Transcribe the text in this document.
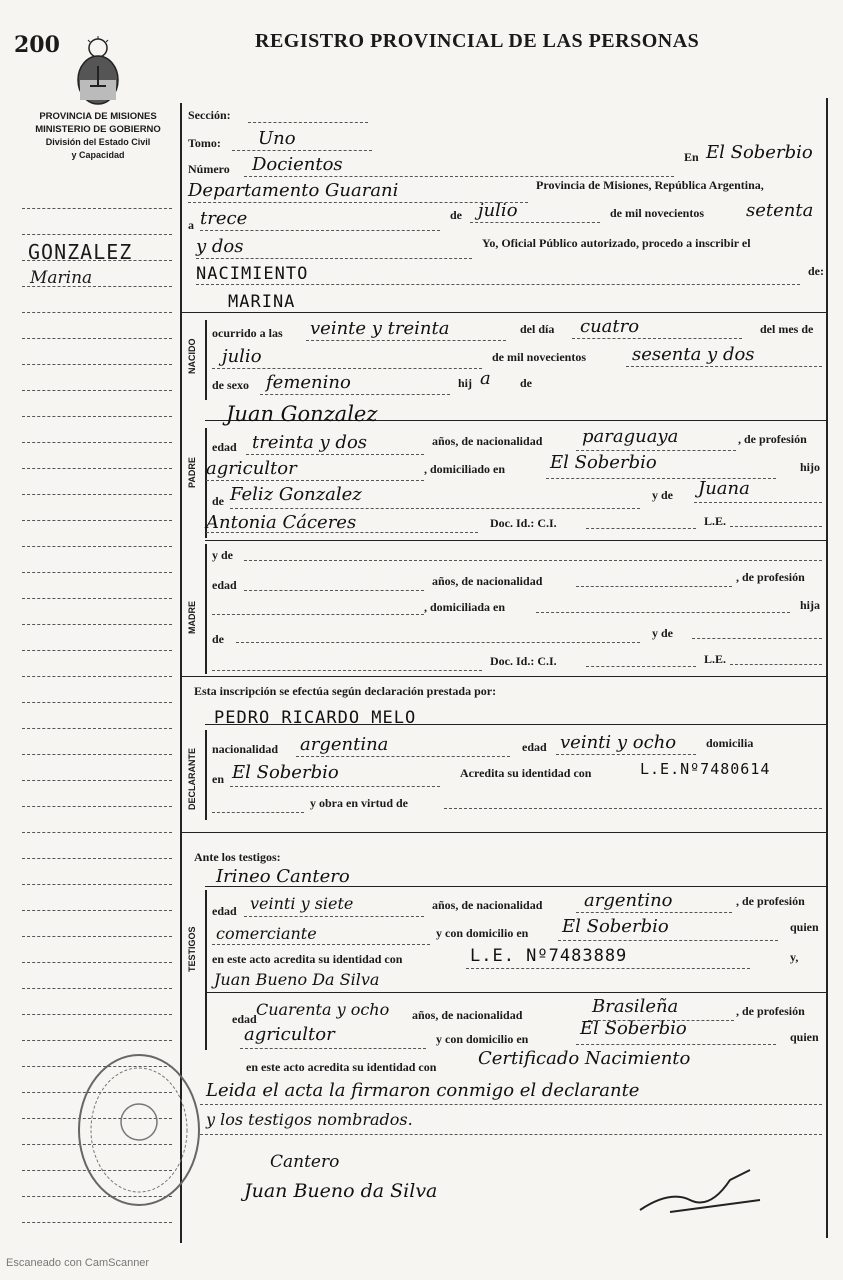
200	REGISTRO PROVINCIAL DE LAS PERSONAS
PROVINCIA DE MISIONES
MINISTERIO DE GOBIERNO
División del Estado Civil
y Capacidad
GONZALEZ
Marina
NACIDO
PADRE
MADRE
DECLARANTE
TESTIGOS
Sección:
Tomo: Uno
Número Docientos	En El Soberbio
Departamento Guarani	Provincia de Misiones, República Argentina,
a trece	de julio	de mil novecientos setenta
y dos	Yo, Oficial Público autorizado, procedo a inscribir el
NACIMIENTO	de:
MARINA
ocurrido a las veinte y treinta	del día cuatro	del mes de
julio	de mil novecientos	sesenta y dos
de sexo femenino	hij a de
Juan Gonzalez
edad treinta y dos	años, de nacionalidad paraguaya	, de profesión
agricultor	, domiciliado en El Soberbio	hijo
de Feliz Gonzalez	y de Juana
Antonia Cáceres	Doc. Id.: C.I.	L.E.
y de
edad	años, de nacionalidad	, de profesión
, domiciliada en	hija
de	y de
Doc. Id.: C.I.	L.E.
Esta inscripción se efectúa según declaración prestada por:
PEDRO RICARDO MELO
nacionalidad argentina	edad veinti y ocho domicilia
en El Soberbio	Acredita su identidad con	L.E.Nº7480614
y obra en virtud de
Ante los testigos:
Irineo Cantero
edad veinti y siete	años, de nacionalidad argentino	, de profesión
comerciante	y con domicilio en El Soberbio	quien
en este acto acredita su identidad con	L.E. Nº7483889	y,
Juan Bueno Da Silva
edad Cuarenta y ocho años, de nacionalidad	Brasileña	, de profesión
agricultor	y con domicilio en	El Soberbio	quien
en este acto acredita su identidad con Certificado Nacimiento
Leida el acta la firmaron conmigo el declarante
y los testigos nombrados.
Cantero
Juan Bueno da Silva
Escaneado con CamScanner
